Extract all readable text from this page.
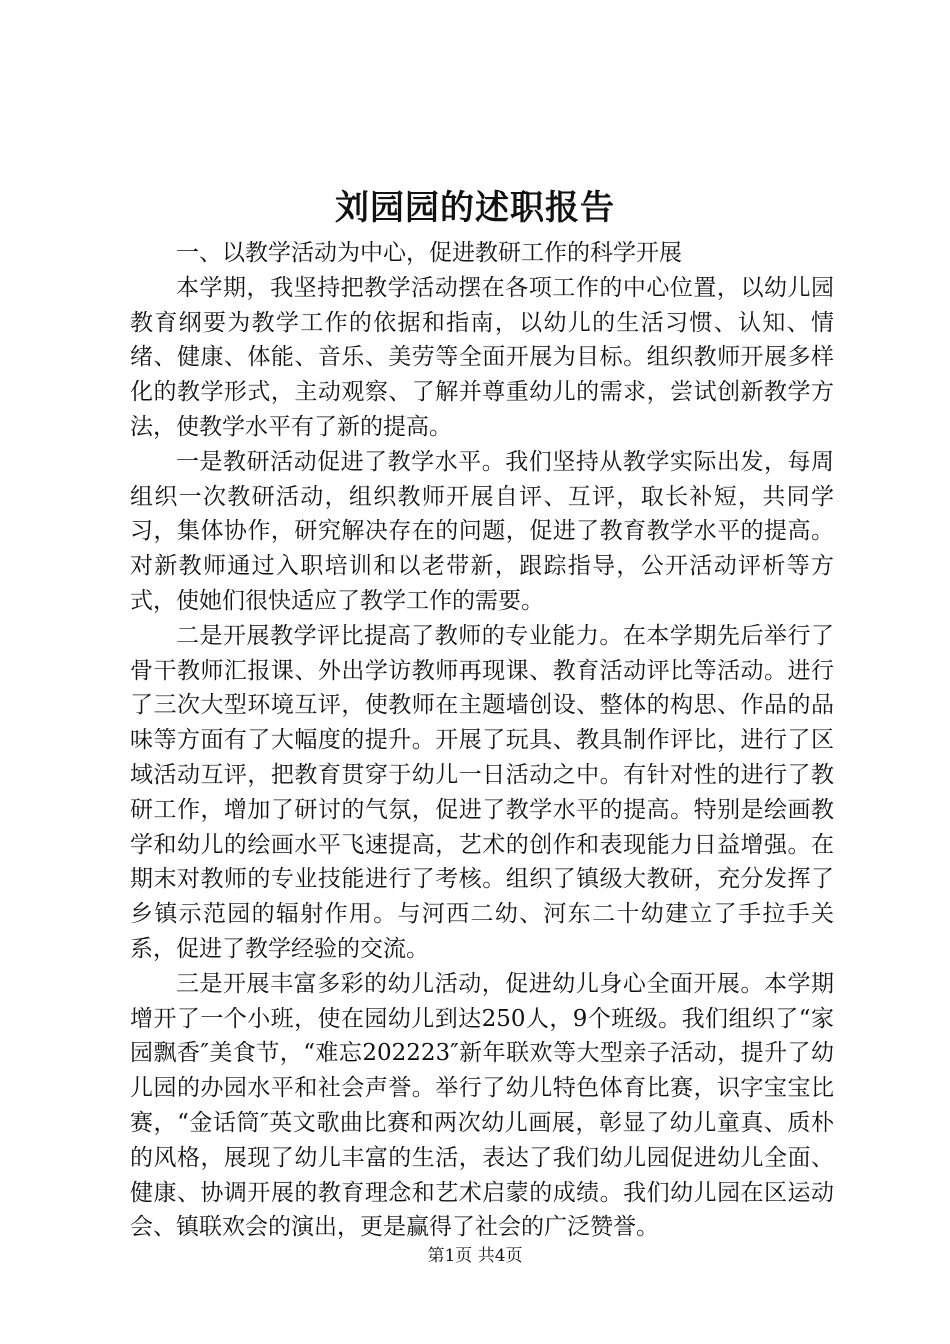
刘园园的述职报告

一、以教学活动为中心，促进教研工作的科学开展

本学期，我坚持把教学活动摆在各项工作的中心位置，以幼儿园教育纲要为教学工作的依据和指南，以幼儿的生活习惯、认知、情绪、健康、体能、音乐、美劳等全面开展为目标。组织教师开展多样化的教学形式，主动观察、了解并尊重幼儿的需求，尝试创新教学方法，使教学水平有了新的提高。

一是教研活动促进了教学水平。我们坚持从教学实际出发，每周组织一次教研活动，组织教师开展自评、互评，取长补短，共同学习，集体协作，研究解决存在的问题，促进了教育教学水平的提高。对新教师通过入职培训和以老带新，跟踪指导，公开活动评析等方式，使她们很快适应了教学工作的需要。

二是开展教学评比提高了教师的专业能力。在本学期先后举行了骨干教师汇报课、外出学访教师再现课、教育活动评比等活动。进行了三次大型环境互评，使教师在主题墙创设、整体的构思、作品的品味等方面有了大幅度的提升。开展了玩具、教具制作评比，进行了区域活动互评，把教育贯穿于幼儿一日活动之中。有针对性的进行了教研工作，增加了研讨的气氛，促进了教学水平的提高。特别是绘画教学和幼儿的绘画水平飞速提高，艺术的创作和表现能力日益增强。在期末对教师的专业技能进行了考核。组织了镇级大教研，充分发挥了乡镇示范园的辐射作用。与河西二幼、河东二十幼建立了手拉手关系，促进了教学经验的交流。

三是开展丰富多彩的幼儿活动，促进幼儿身心全面开展。本学期增开了一个小班，使在园幼儿到达250人，9个班级。我们组织了“家园飘香″美食节，“难忘202223″新年联欢等大型亲子活动，提升了幼儿园的办园水平和社会声誉。举行了幼儿特色体育比赛，识字宝宝比赛，“金话筒″英文歌曲比赛和两次幼儿画展，彰显了幼儿童真、质朴的风格，展现了幼儿丰富的生活，表达了我们幼儿园促进幼儿全面、健康、协调开展的教育理念和艺术启蒙的成绩。我们幼儿园在区运动会、镇联欢会的演出，更是赢得了社会的广泛赞誉。

第1页 共4页
